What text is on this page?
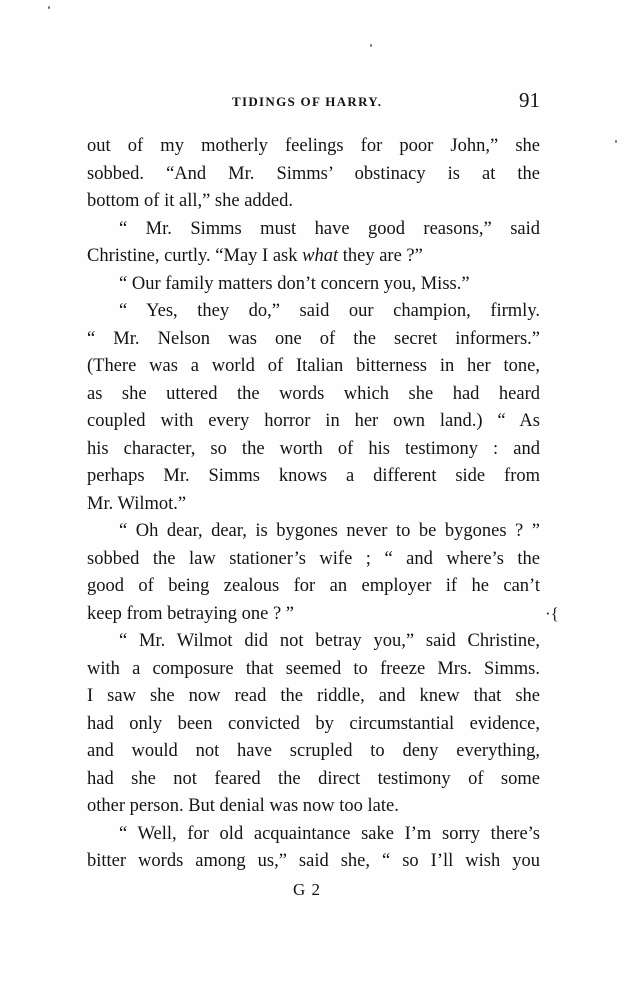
TIDINGS OF HARRY.	91
out of my motherly feelings for poor John,” she
sobbed. “And Mr. Simms’ obstinacy is at the
bottom of it all,” she added.
“ Mr. Simms must have good reasons,” said
Christine, curtly. “May I ask what they are ?”
“ Our family matters don’t concern you, Miss.”
“ Yes, they do,” said our champion, firmly.
“ Mr. Nelson was one of the secret informers.”
(There was a world of Italian bitterness in her tone,
as she uttered the words which she had heard
coupled with every horror in her own land.) “ As
his character, so the worth of his testimony : and
perhaps Mr. Simms knows a different side from
Mr. Wilmot.”
“ Oh dear, dear, is bygones never to be bygones ? ”
sobbed the law stationer’s wife ; “ and where’s the
good of being zealous for an employer if he can’t
keep from betraying one ? ”
“ Mr. Wilmot did not betray you,” said Christine,
with a composure that seemed to freeze Mrs. Simms.
I saw she now read the riddle, and knew that she
had only been convicted by circumstantial evidence,
and would not have scrupled to deny everything,
had she not feared the direct testimony of some
other person. But denial was now too late.
“ Well, for old acquaintance sake I’m sorry there’s
bitter words among us,” said she, “ so I’ll wish you
·{
G 2
